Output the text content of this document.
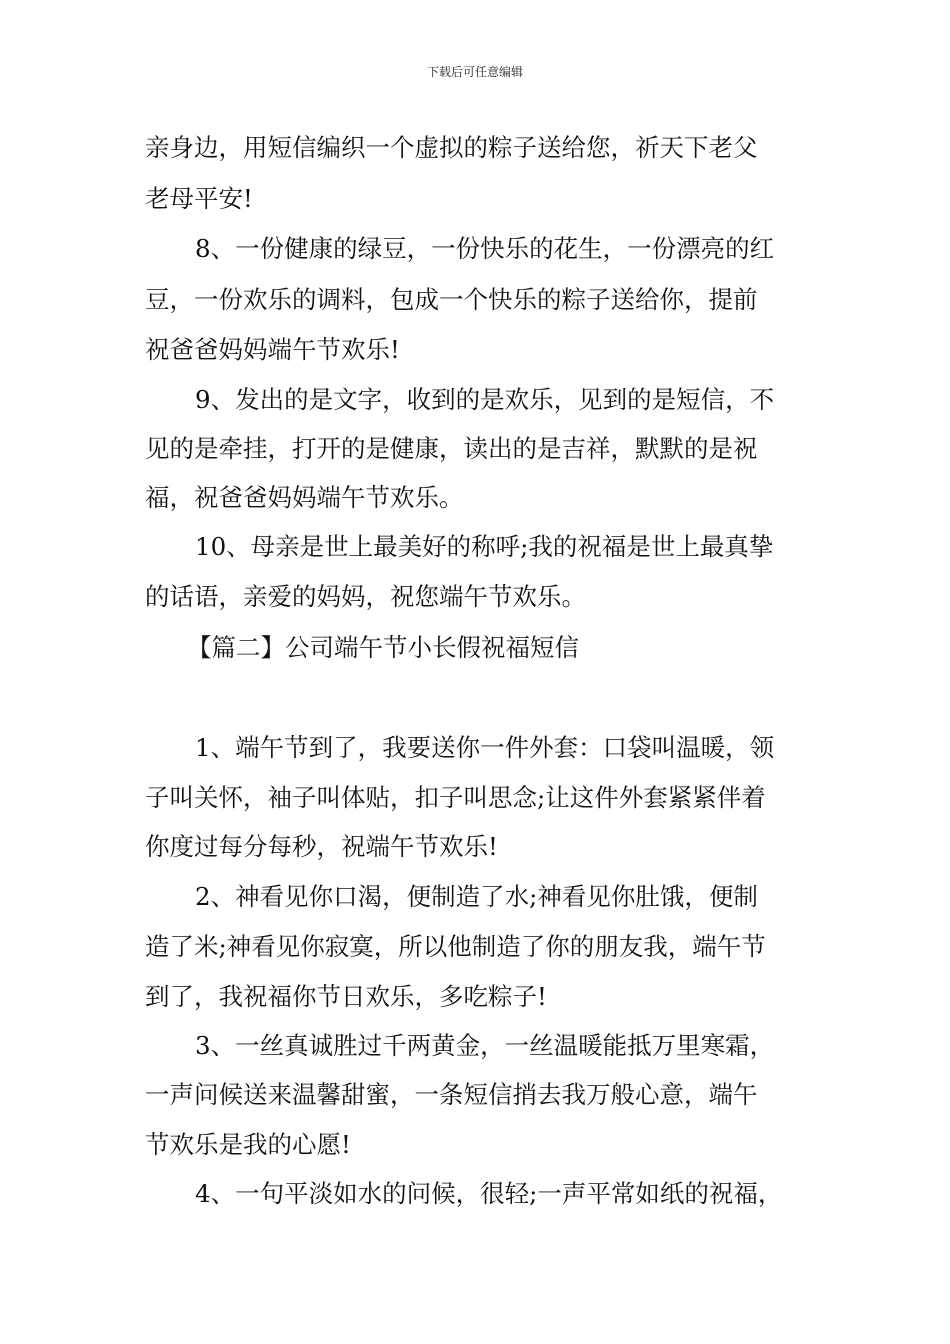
下载后可任意编辑
亲身边，用短信编织一个虚拟的粽子送给您，祈天下老父
老母平安!
8、一份健康的绿豆，一份快乐的花生，一份漂亮的红
豆，一份欢乐的调料，包成一个快乐的粽子送给你，提前
祝爸爸妈妈端午节欢乐!
9、发出的是文字，收到的是欢乐，见到的是短信，不
见的是牵挂，打开的是健康，读出的是吉祥，默默的是祝
福，祝爸爸妈妈端午节欢乐。
10、母亲是世上最美好的称呼;我的祝福是世上最真挚
的话语，亲爱的妈妈，祝您端午节欢乐。
【篇二】公司端午节小长假祝福短信
1、端午节到了，我要送你一件外套：口袋叫温暖，领
子叫关怀，袖子叫体贴，扣子叫思念;让这件外套紧紧伴着
你度过每分每秒，祝端午节欢乐!
2、神看见你口渴，便制造了水;神看见你肚饿，便制
造了米;神看见你寂寞，所以他制造了你的朋友我，端午节
到了，我祝福你节日欢乐，多吃粽子!
3、一丝真诚胜过千两黄金，一丝温暖能抵万里寒霜，
一声问候送来温馨甜蜜，一条短信捎去我万般心意，端午
节欢乐是我的心愿!
4、一句平淡如水的问候，很轻;一声平常如纸的祝福，
